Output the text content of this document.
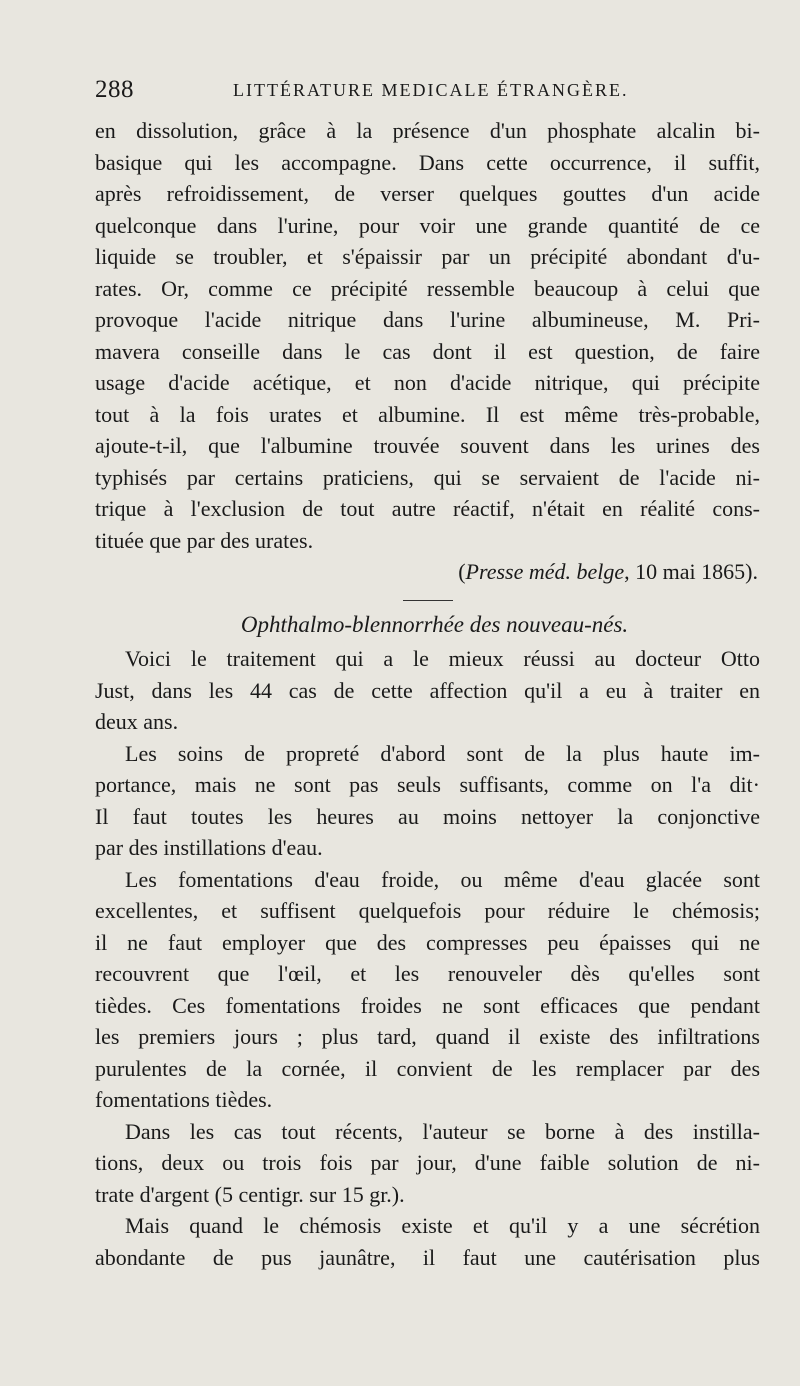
288	LITTÉRATURE MEDICALE ÉTRANGÈRE.
en dissolution, grâce à la présence d'un phosphate alcalin bi-
basique qui les accompagne. Dans cette occurrence, il suffit,
après refroidissement, de verser quelques gouttes d'un acide
quelconque dans l'urine, pour voir une grande quantité de ce
liquide se troubler, et s'épaissir par un précipité abondant d'u-
rates. Or, comme ce précipité ressemble beaucoup à celui que
provoque l'acide nitrique dans l'urine albumineuse, M. Pri-
mavera conseille dans le cas dont il est question, de faire
usage d'acide acétique, et non d'acide nitrique, qui précipite
tout à la fois urates et albumine. Il est même très-probable,
ajoute-t-il, que l'albumine trouvée souvent dans les urines des
typhisés par certains praticiens, qui se servaient de l'acide ni-
trique à l'exclusion de tout autre réactif, n'était en réalité cons-
tituée que par des urates.
(Presse méd. belge, 10 mai 1865).
Ophthalmo-blennorrhée des nouveau-nés.
Voici le traitement qui a le mieux réussi au docteur Otto
Just, dans les 44 cas de cette affection qu'il a eu à traiter en
deux ans.
Les soins de propreté d'abord sont de la plus haute im-
portance, mais ne sont pas seuls suffisants, comme on l'a dit·
Il faut toutes les heures au moins nettoyer la conjonctive
par des instillations d'eau.
Les fomentations d'eau froide, ou même d'eau glacée sont
excellentes, et suffisent quelquefois pour réduire le chémosis;
il ne faut employer que des compresses peu épaisses qui ne
recouvrent que l'œil, et les renouveler dès qu'elles sont
tièdes. Ces fomentations froides ne sont efficaces que pendant
les premiers jours ; plus tard, quand il existe des infiltrations
purulentes de la cornée, il convient de les remplacer par des
fomentations tièdes.
Dans les cas tout récents, l'auteur se borne à des instilla-
tions, deux ou trois fois par jour, d'une faible solution de ni-
trate d'argent (5 centigr. sur 15 gr.).
Mais quand le chémosis existe et qu'il y a une sécrétion
abondante de pus jaunâtre, il faut une cautérisation plus
